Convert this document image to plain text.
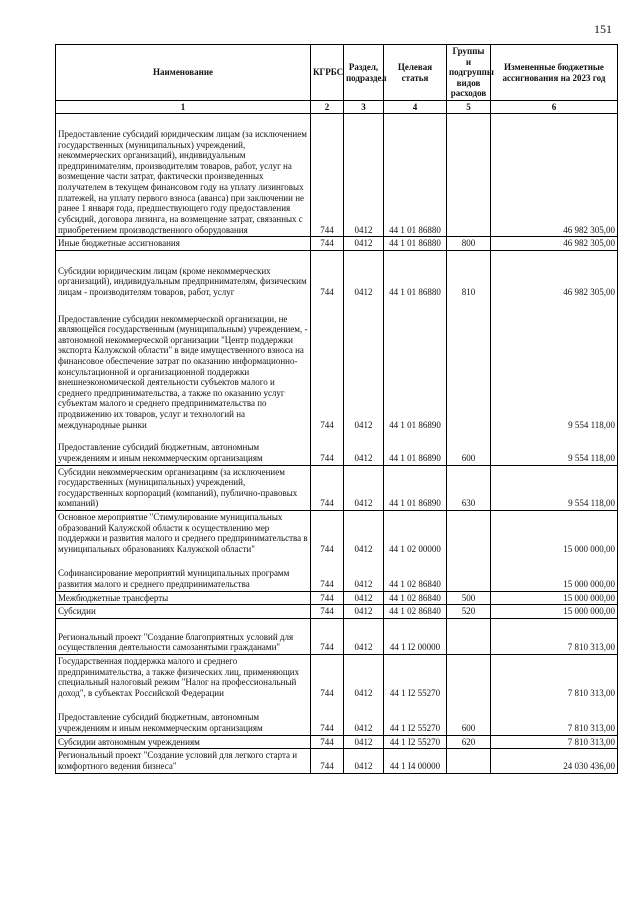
151
Наименование	КГРБС	Раздел, подраздел	Целевая статья	Группы и подгруппы видов расходов	Измененные бюджетные ассигнования на 2023 год
1	2	3	4	5	6
Предоставление субсидий юридическим лицам (за исключением государственных (муниципальных) учреждений, некоммерческих организаций), индивидуальным предпринимателям, производителям товаров, работ, услуг на возмещение части затрат, фактически произведенных получателем в текущем финансовом году на уплату лизинговых платежей, на уплату первого взноса (аванса) при заключении не ранее 1 января года, предшествующего году предоставления субсидий, договора лизинга, на возмещение затрат, связанных с приобретением производственного оборудования	744	0412	44 1 01 86880		46 982 305,00
Иные бюджетные ассигнования	744	0412	44 1 01 86880	800	46 982 305,00
Субсидии юридическим лицам (кроме некоммерческих организаций), индивидуальным предпринимателям, физическим лицам - производителям товаров, работ, услуг	744	0412	44 1 01 86880	810	46 982 305,00
Предоставление субсидии некоммерческой организации, не являющейся государственным (муниципальным) учреждением, - автономной некоммерческой организации "Центр поддержки экспорта Калужской области" в виде имущественного взноса на финансовое обеспечение затрат по оказанию информационно-консультационной и организационной поддержки внешнеэкономической деятельности субъектов малого и среднего предпринимательства, а также по оказанию услуг субъектам малого и среднего предпринимательства по продвижению их товаров, услуг и технологий на международные рынки	744	0412	44 1 01 86890		9 554 118,00
Предоставление субсидий бюджетным, автономным учреждениям и иным некоммерческим организациям	744	0412	44 1 01 86890	600	9 554 118,00
Субсидии некоммерческим организациям (за исключением государственных (муниципальных) учреждений, государственных корпораций (компаний), публично-правовых компаний)	744	0412	44 1 01 86890	630	9 554 118,00
Основное мероприятие "Стимулирование муниципальных образований Калужской области к осуществлению мер поддержки и развития малого и среднего предпринимательства в муниципальных образованиях Калужской области"	744	0412	44 1 02 00000		15 000 000,00
Софинансирование мероприятий муниципальных программ развития малого и среднего предпринимательства	744	0412	44 1 02 86840		15 000 000,00
Межбюджетные трансферты	744	0412	44 1 02 86840	500	15 000 000,00
Субсидии	744	0412	44 1 02 86840	520	15 000 000,00
Региональный проект "Создание благоприятных условий для осуществления деятельности самозанятыми гражданами"	744	0412	44 1 I2 00000		7 810 313,00
Государственная поддержка малого и среднего предпринимательства, а также физических лиц, применяющих специальный налоговый режим "Налог на профессиональный доход", в субъектах Российской Федерации	744	0412	44 1 I2 55270		7 810 313,00
Предоставление субсидий бюджетным, автономным учреждениям и иным некоммерческим организациям	744	0412	44 1 I2 55270	600	7 810 313,00
Субсидии автономным учреждениям	744	0412	44 1 I2 55270	620	7 810 313,00
Региональный проект "Создание условий для легкого старта и комфортного ведения бизнеса"	744	0412	44 1 I4 00000		24 030 436,00
